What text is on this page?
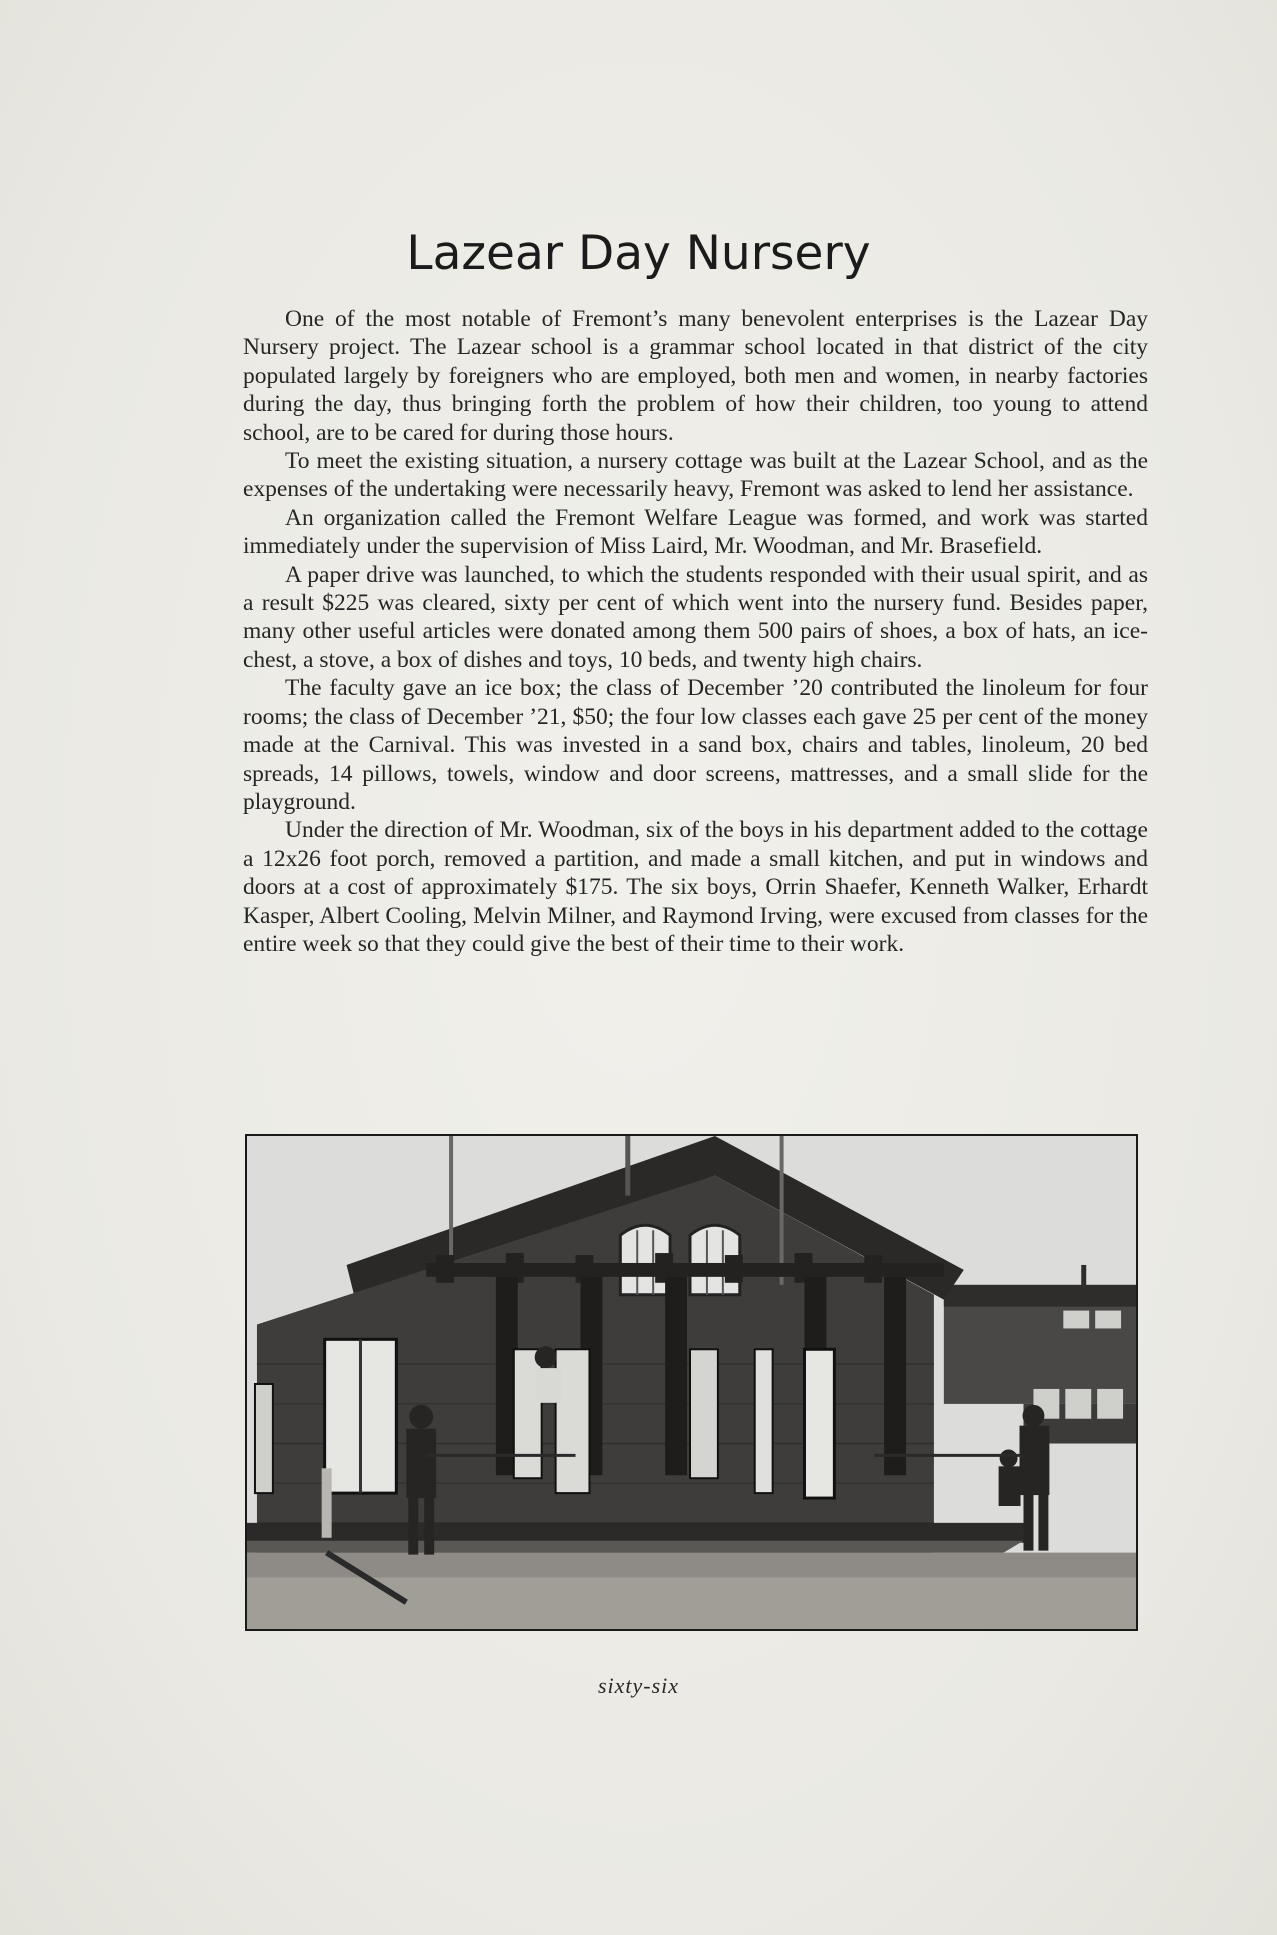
Lazear Day Nursery

One of the most notable of Fremont’s many benevolent enterprises is the Lazear Day Nursery project. The Lazear school is a grammar school located in that district of the city populated largely by foreigners who are employed, both men and women, in nearby factories during the day, thus bringing forth the problem of how their children, too young to attend school, are to be cared for during those hours.

To meet the existing situation, a nursery cottage was built at the Lazear School, and as the expenses of the undertaking were necessarily heavy, Fremont was asked to lend her assistance.

An organization called the Fremont Welfare League was formed, and work was started immediately under the supervision of Miss Laird, Mr. Woodman, and Mr. Brasefield.

A paper drive was launched, to which the students responded with their usual spirit, and as a result $225 was cleared, sixty per cent of which went into the nursery fund. Besides paper, many other useful articles were donated among them 500 pairs of shoes, a box of hats, an ice-chest, a stove, a box of dishes and toys, 10 beds, and twenty high chairs.

The faculty gave an ice box; the class of December ’20 contributed the linoleum for four rooms; the class of December ’21, $50; the four low classes each gave 25 per cent of the money made at the Carnival. This was invested in a sand box, chairs and tables, linoleum, 20 bed spreads, 14 pillows, towels, window and door screens, mattresses, and a small slide for the playground.

Under the direction of Mr. Woodman, six of the boys in his department added to the cottage a 12x26 foot porch, removed a partition, and made a small kitchen, and put in windows and doors at a cost of approximately $175. The six boys, Orrin Shaefer, Kenneth Walker, Erhardt Kasper, Albert Cooling, Melvin Milner, and Raymond Irving, were excused from classes for the entire week so that they could give the best of their time to their work.

sixty-six
